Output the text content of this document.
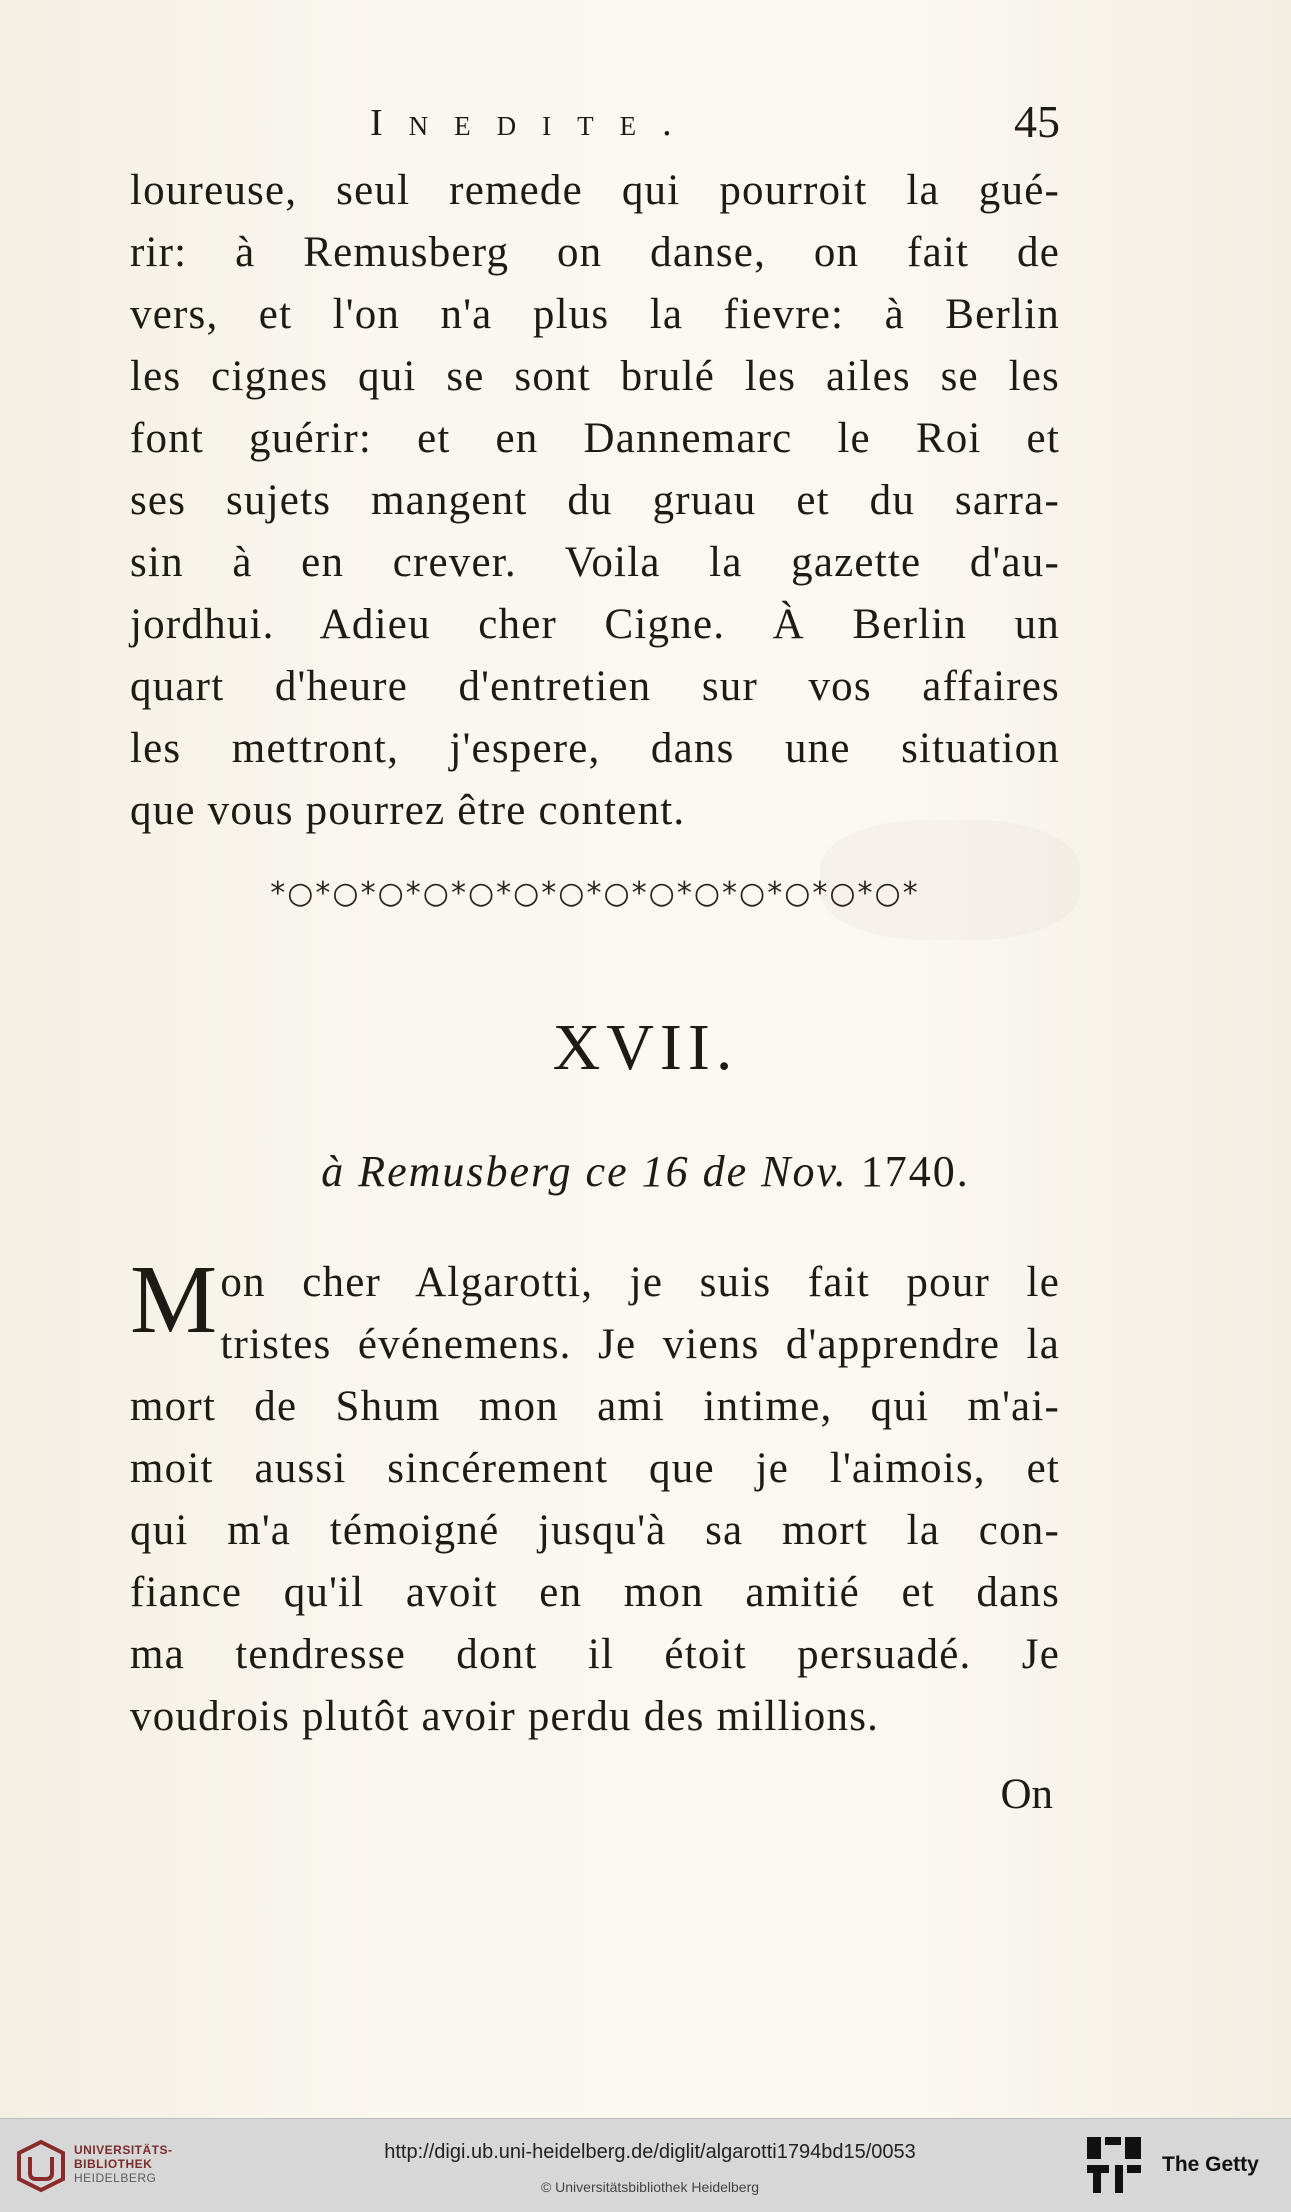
Inedite.	45
loureuse, seul remede qui pourroit la gué-
rir: à Remusberg on danse, on fait de
vers, et l'on n'a plus la fievre: à Berlin
les cignes qui se sont brulé les ailes se les
font guérir: et en Dannemarc le Roi et
ses sujets mangent du gruau et du sarra-
sin à en crever. Voila la gazette d'au-
jordhui. Adieu cher Cigne. À Berlin un
quart d'heure d'entretien sur vos affaires
les mettront, j'espere, dans une situation
que vous pourrez être content.
*○*○*○*○*○*○*○*○*○*○*○*○*○*○*
XVII.
à Remusberg ce 16 de Nov. 1740.
Mon cher Algarotti, je suis fait pour le
tristes événemens. Je viens d'apprendre la
mort de Shum mon ami intime, qui m'ai-
moit aussi sincérement que je l'aimois, et
qui m'a témoigné jusqu'à sa mort la con-
fiance qu'il avoit en mon amitié et dans
ma tendresse dont il étoit persuadé. Je
voudrois plutôt avoir perdu des millions.
On
UNIVERSITÄTS-
BIBLIOTHEK
HEIDELBERG
http://digi.ub.uni-heidelberg.de/diglit/algarotti1794bd15/0053
© Universitätsbibliothek Heidelberg
The Getty
